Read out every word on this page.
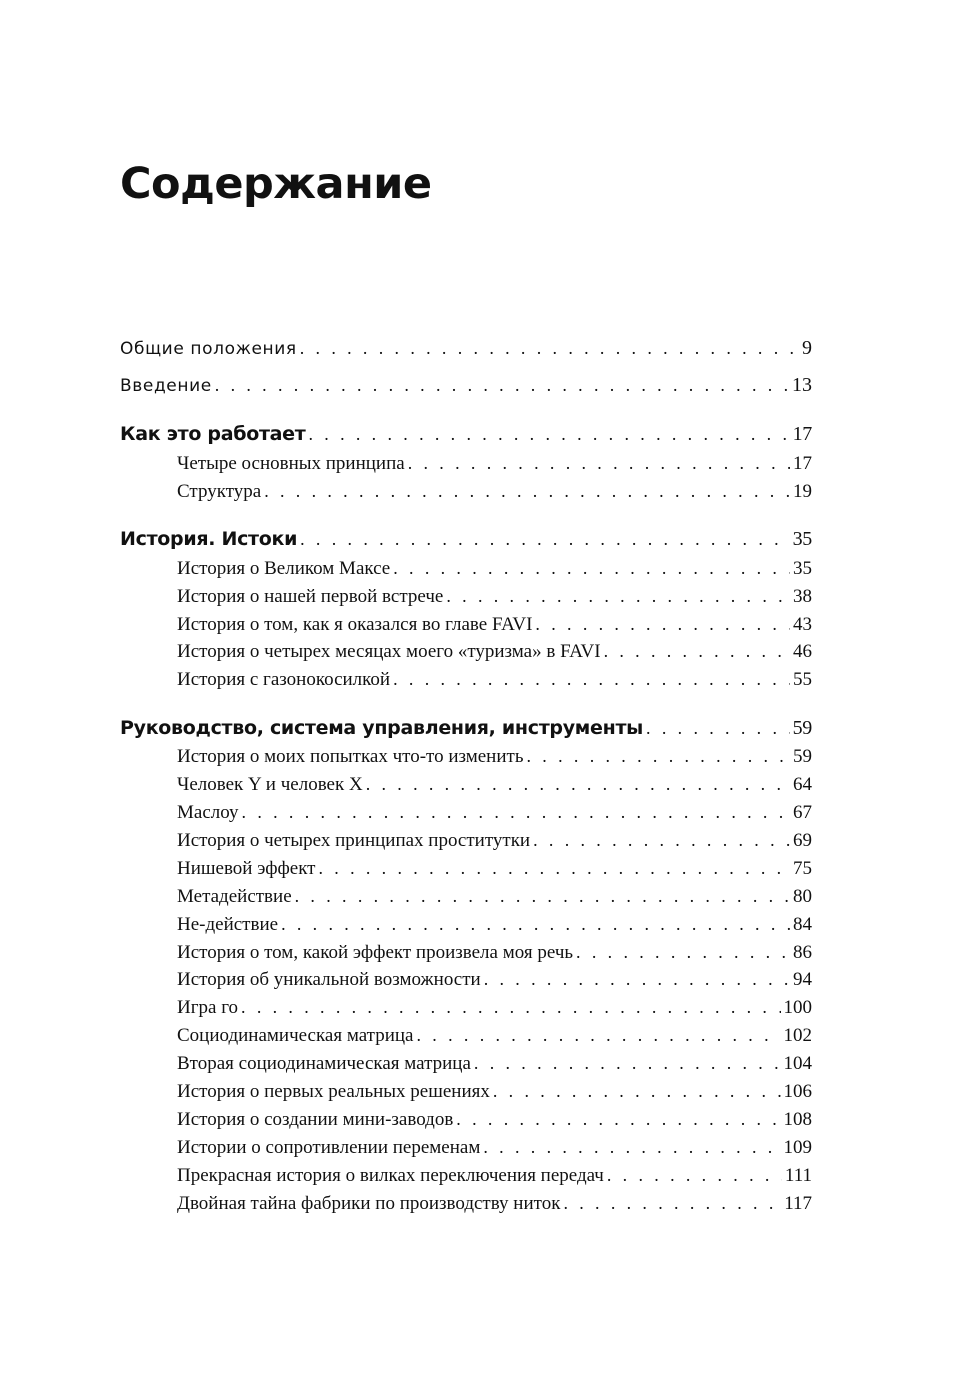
Содержание
Общие положения . . .	9
Введение . . .	13
Как это работает . . .	17
Четыре основных принципа . . .	17
Структура . . .	19
История. Истоки . . .	35
История о Великом Максе . . .	35
История о нашей первой встрече . . .	38
История о том, как я оказался во главе FAVI . . .	43
История о четырех месяцах моего «туризма» в FAVI . . .	46
История с газонокосилкой . . .	55
Руководство, система управления, инструменты . . .	59
История о моих попытках что-то изменить . . .	59
Человек Y и человек X . . .	64
Маслоу . . .	67
История о четырех принципах проститутки . . .	69
Нишевой эффект . . .	75
Метадействие . . .	80
Не-действие . . .	84
История о том, какой эффект произвела моя речь . . .	86
История об уникальной возможности . . .	94
Игра го . . .	100
Социодинамическая матрица . . .	102
Вторая социодинамическая матрица . . .	104
История о первых реальных решениях . . .	106
История о создании мини-заводов . . .	108
Истории о сопротивлении переменам . . .	109
Прекрасная история о вилках переключения передач . . .	111
Двойная тайна фабрики по производству ниток . . .	117
